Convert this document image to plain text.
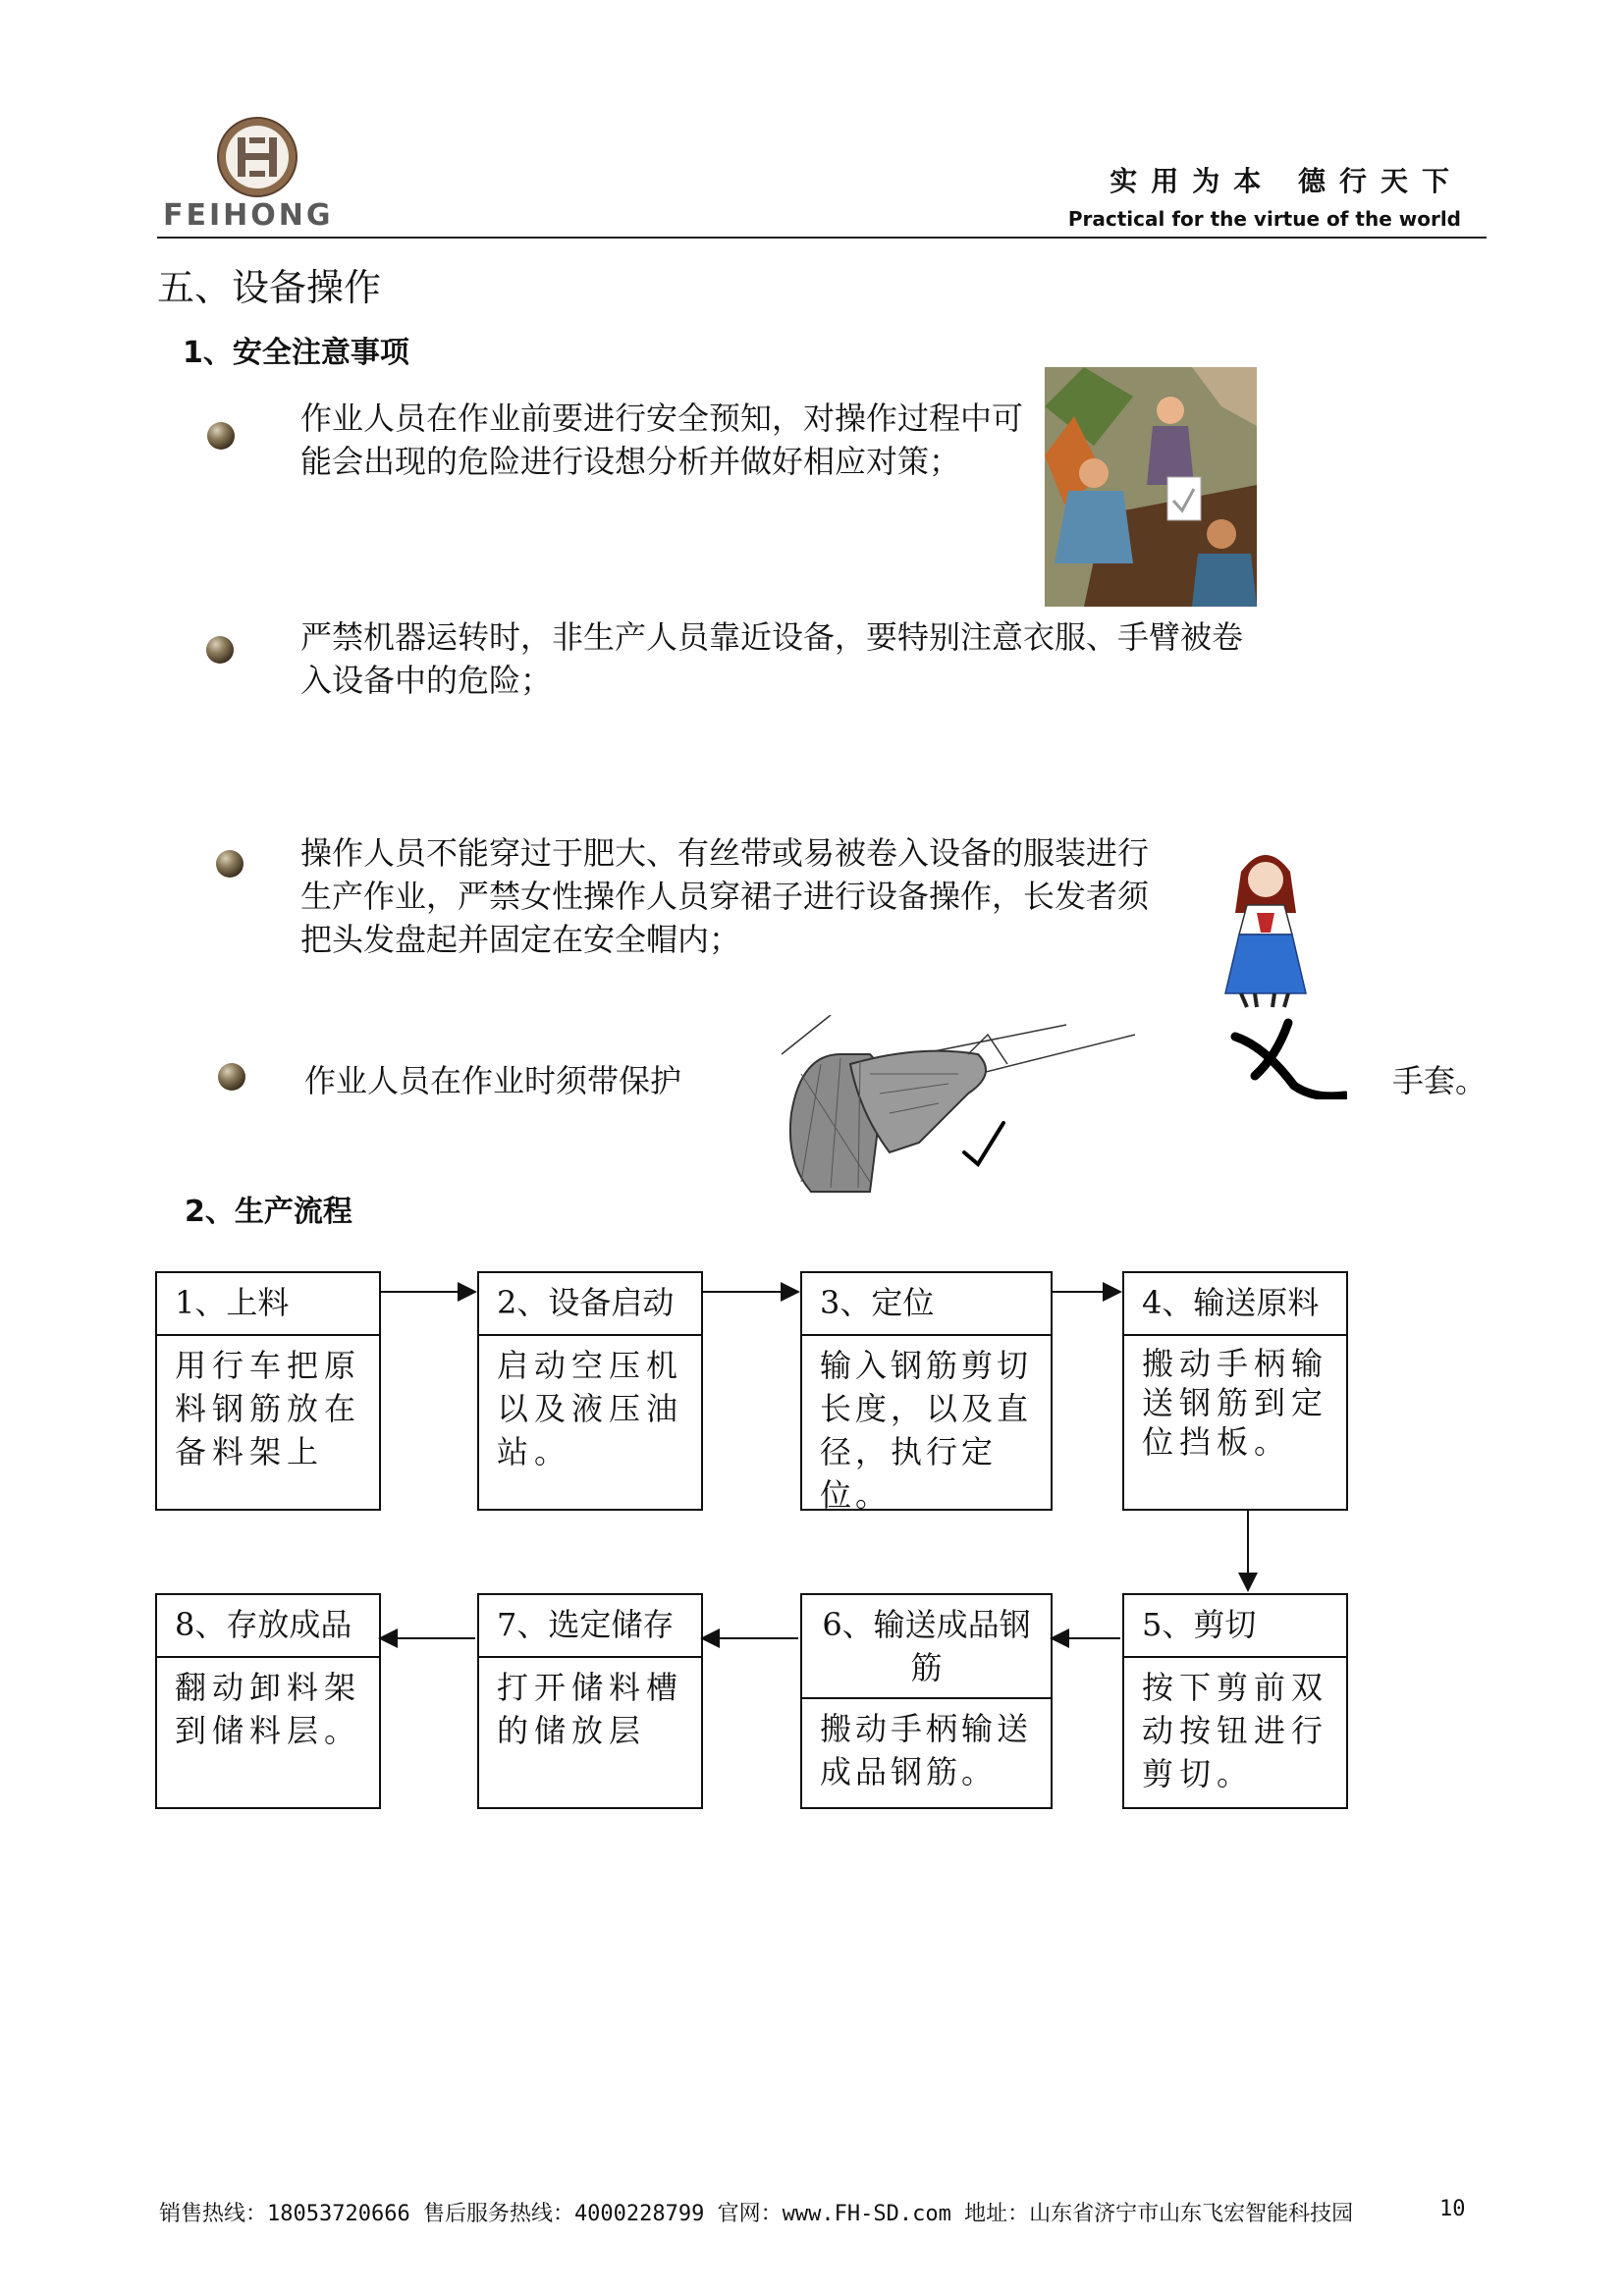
FEIHONG
实用为本 德行天下
Practical for the virtue of the world
五、设备操作
1、安全注意事项
作业人员在作业前要进行安全预知，对操作过程中可能会出现的危险进行设想分析并做好相应对策；
严禁机器运转时，非生产人员靠近设备，要特别注意衣服、手臂被卷入设备中的危险；
操作人员不能穿过于肥大、有丝带或易被卷入设备的服装进行生产作业，严禁女性操作人员穿裙子进行设备操作，长发者须把头发盘起并固定在安全帽内；
作业人员在作业时须带保护	手套。
2、生产流程
1、上料
用行车把原料钢筋放在备料架上
2、设备启动
启动空压机以及液压油站。
3、定位
输入钢筋剪切长度，以及直径，执行定位。
4、输送原料
搬动手柄输送钢筋到定位挡板。
5、剪切
按下剪前双动按钮进行剪切。
6、输送成品钢筋
搬动手柄输送成品钢筋。
7、选定储存
打开储料槽的储放层
8、存放成品
翻动卸料架到储料层。
销售热线：18053720666 售后服务热线：4000228799 官网：www.FH-SD.com 地址：山东省济宁市山东飞宏智能科技园	10
